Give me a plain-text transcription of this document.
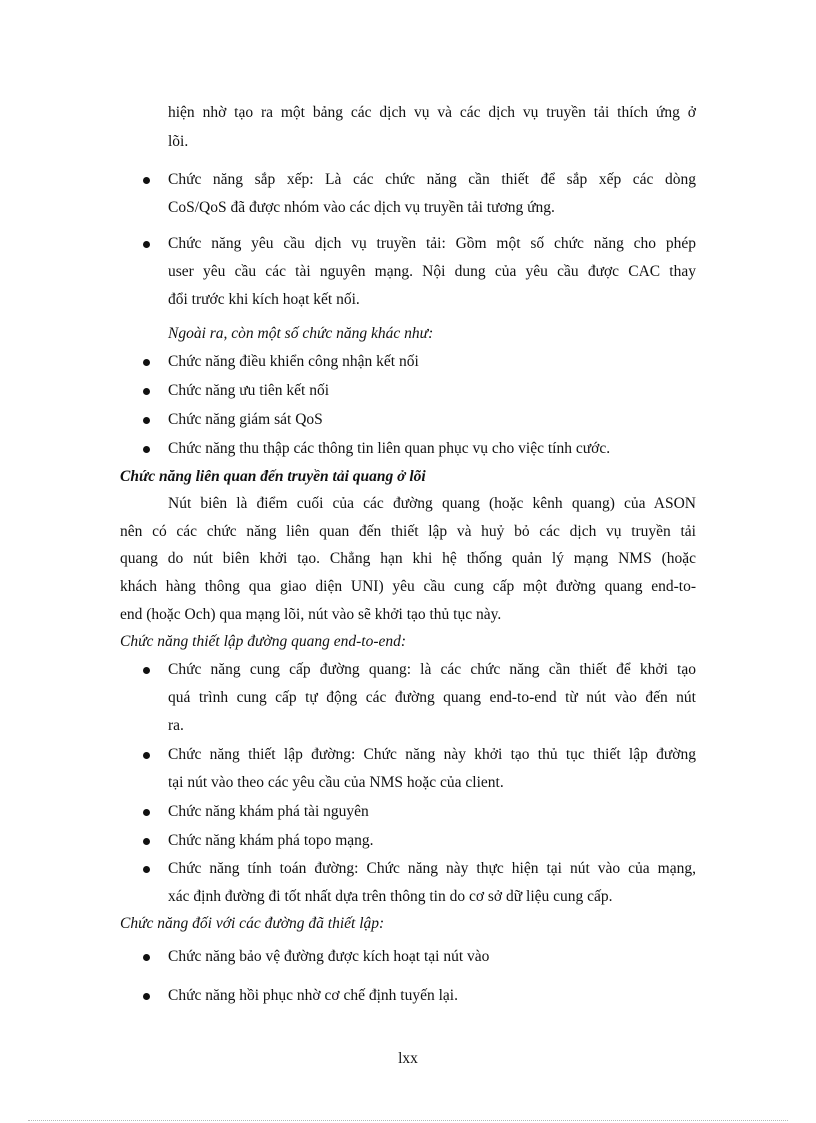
hiện nhờ tạo ra một bảng các dịch vụ và các dịch vụ truyền tải thích ứng ở
lõi.
Chức năng sắp xếp: Là các chức năng cần thiết để sắp xếp các dòng
CoS/QoS đã được nhóm vào các dịch vụ truyền tải tương ứng.
Chức năng yêu cầu dịch vụ truyền tải: Gồm một số chức năng cho phép
user yêu cầu các tài nguyên mạng. Nội dung của yêu cầu được CAC thay
đổi trước khi kích hoạt kết nối.
Ngoài ra, còn một số chức năng khác như:
Chức năng điều khiển công nhận kết nối
Chức năng ưu tiên kết nối
Chức năng giám sát QoS
Chức năng thu thập các thông tin liên quan phục vụ cho việc tính cước.
Chức năng liên quan đến truyền tải quang ở lõi
Nút biên là điểm cuối của các đường quang (hoặc kênh quang) của ASON
nên có các chức năng liên quan đến thiết lập và huỷ bỏ các dịch vụ truyền tải
quang do nút biên khởi tạo. Chẳng hạn khi hệ thống quản lý mạng NMS (hoặc
khách hàng thông qua giao diện UNI) yêu cầu cung cấp một đường quang end-to-
end (hoặc Och) qua mạng lõi, nút vào sẽ khởi tạo thủ tục này.
Chức năng thiết lập đường quang end-to-end:
Chức năng cung cấp đường quang: là các chức năng cần thiết để khởi tạo
quá trình cung cấp tự động các đường quang end-to-end từ nút vào đến nút
ra.
Chức năng thiết lập đường: Chức năng này khởi tạo thủ tục thiết lập đường
tại nút vào theo các yêu cầu của NMS hoặc của client.
Chức năng khám phá tài nguyên
Chức năng khám phá topo mạng.
Chức năng tính toán đường: Chức năng này thực hiện tại nút vào của mạng,
xác định đường đi tốt nhất dựa trên thông tin do cơ sở dữ liệu cung cấp.
Chức năng đối với các đường đã thiết lập:
Chức năng bảo vệ đường được kích hoạt tại nút vào
Chức năng hồi phục nhờ cơ chế định tuyến lại.
lxx
